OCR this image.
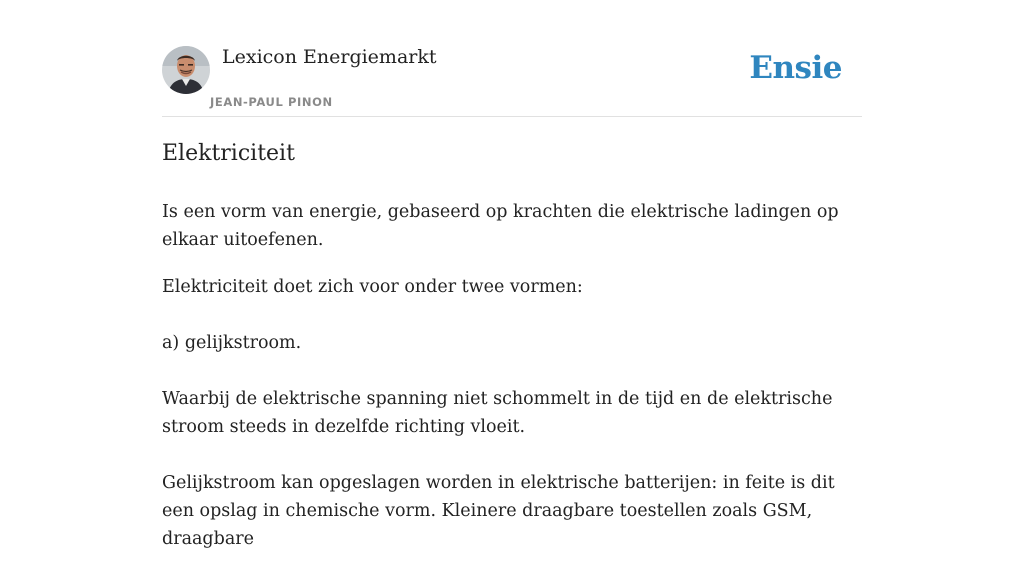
Lexicon Energiemarkt
JEAN-PAUL PINON
Ensie
Elektriciteit

Is een vorm van energie, gebaseerd op krachten die elektrische ladingen op elkaar uitoefenen.

Elektriciteit doet zich voor onder twee vormen:

a) gelijkstroom.

Waarbij de elektrische spanning niet schommelt in de tijd en de elektrische stroom steeds in dezelfde richting vloeit.

Gelijkstroom kan opgeslagen worden in elektrische batterijen: in feite is dit een opslag in chemische vorm. Kleinere draagbare toestellen zoals GSM, draagbare
